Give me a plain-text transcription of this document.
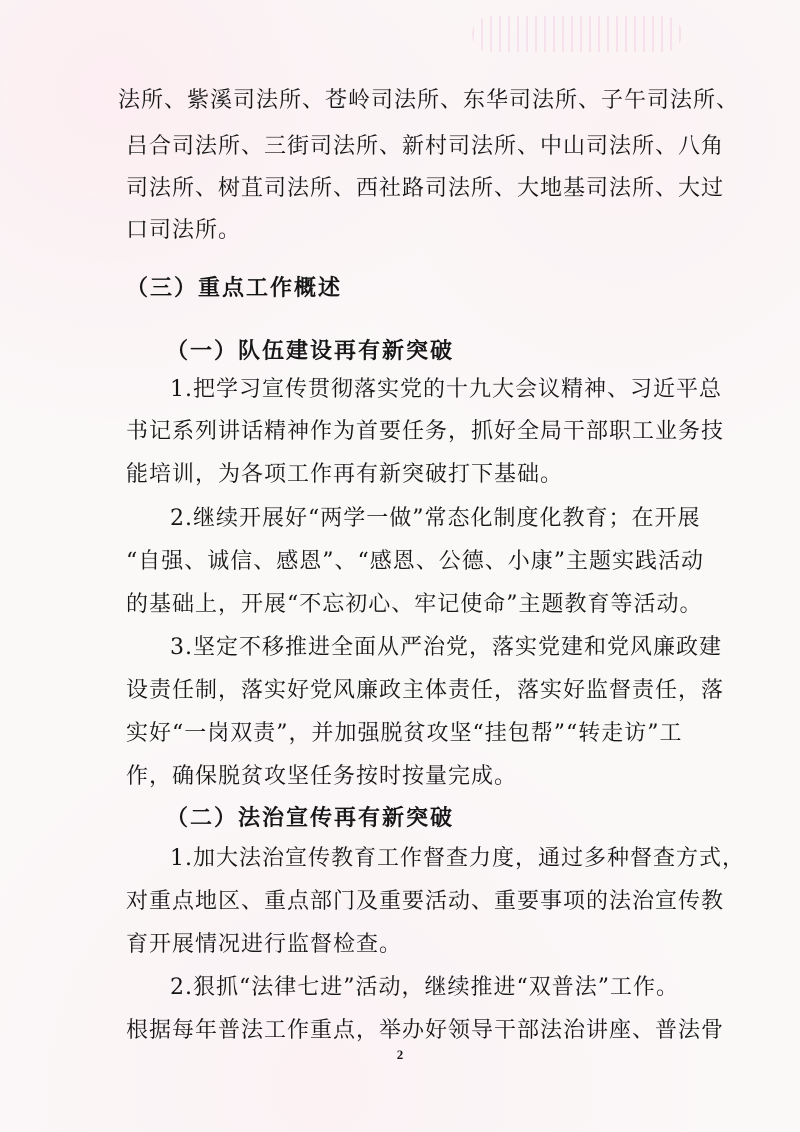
法所、紫溪司法所、苍岭司法所、东华司法所、子午司法所、
吕合司法所、三街司法所、新村司法所、中山司法所、八角
司法所、树苴司法所、西社路司法所、大地基司法所、大过
口司法所。
（三）重点工作概述
（一）队伍建设再有新突破
1.把学习宣传贯彻落实党的十九大会议精神、习近平总
书记系列讲话精神作为首要任务，抓好全局干部职工业务技
能培训，为各项工作再有新突破打下基础。
2.继续开展好“两学一做”常态化制度化教育；在开展
“自强、诚信、感恩”、“感恩、公德、小康”主题实践活动
的基础上，开展“不忘初心、牢记使命”主题教育等活动。
3.坚定不移推进全面从严治党，落实党建和党风廉政建
设责任制，落实好党风廉政主体责任，落实好监督责任，落
实好“一岗双责”，并加强脱贫攻坚“挂包帮”“转走访”工
作，确保脱贫攻坚任务按时按量完成。
（二）法治宣传再有新突破
1.加大法治宣传教育工作督查力度，通过多种督查方式，
对重点地区、重点部门及重要活动、重要事项的法治宣传教
育开展情况进行监督检查。
2.狠抓“法律七进”活动，继续推进“双普法”工作。
根据每年普法工作重点，举办好领导干部法治讲座、普法骨
2
